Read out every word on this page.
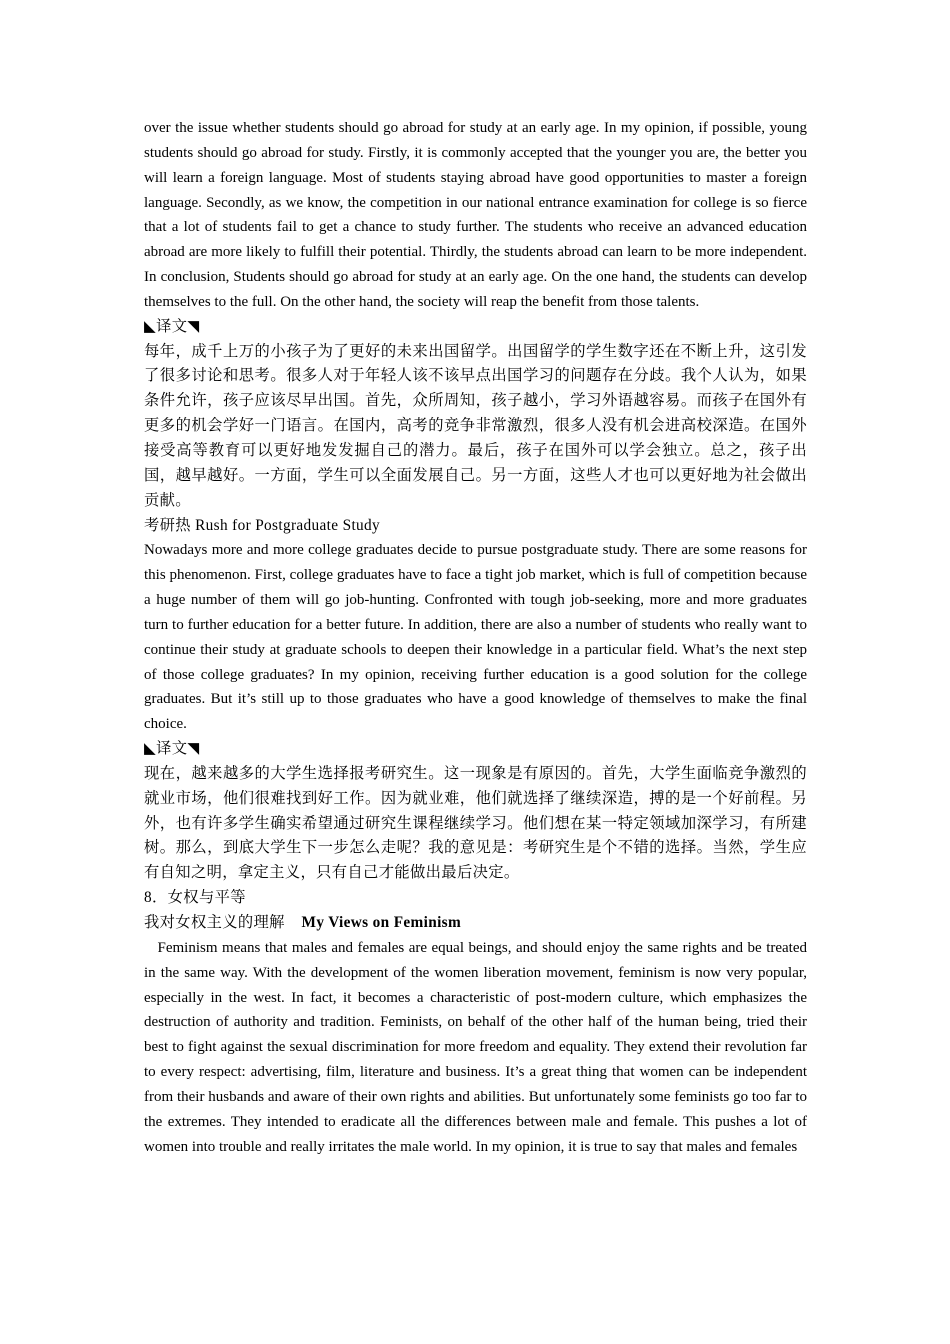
over the issue whether students should go abroad for study at an early age. In my opinion, if possible, young students should go abroad for study. Firstly, it is commonly accepted that the younger you are, the better you will learn a foreign language. Most of students staying abroad have good opportunities to master a foreign language. Secondly, as we know, the competition in our national entrance examination for college is so fierce that a lot of students fail to get a chance to study further. The students who receive an advanced education abroad are more likely to fulfill their potential. Thirdly, the students abroad can learn to be more independent. In conclusion, Students should go abroad for study at an early age. On the one hand, the students can develop themselves to the full. On the other hand, the society will reap the benefit from those talents.

◣译文◥

每年，成千上万的小孩子为了更好的未来出国留学。出国留学的学生数字还在不断上升，这引发了很多讨论和思考。很多人对于年轻人该不该早点出国学习的问题存在分歧。我个人认为，如果条件允许，孩子应该尽早出国。首先，众所周知，孩子越小，学习外语越容易。而孩子在国外有更多的机会学好一门语言。在国内，高考的竞争非常激烈，很多人没有机会进高校深造。在国外接受高等教育可以更好地发发掘自己的潜力。最后，孩子在国外可以学会独立。总之，孩子出国，越早越好。一方面，学生可以全面发展自己。另一方面，这些人才也可以更好地为社会做出贡献。

考研热 Rush for Postgraduate Study

Nowadays more and more college graduates decide to pursue postgraduate study. There are some reasons for this phenomenon. First, college graduates have to face a tight job market, which is full of competition because a huge number of them will go job-hunting. Confronted with tough job-seeking, more and more graduates turn to further education for a better future. In addition, there are also a number of students who really want to continue their study at graduate schools to deepen their knowledge in a particular field. What’s the next step of those college graduates? In my opinion, receiving further education is a good solution for the college graduates. But it’s still up to those graduates who have a good knowledge of themselves to make the final choice.

◣译文◥

现在，越来越多的大学生选择报考研究生。这一现象是有原因的。首先，大学生面临竞争激烈的就业市场，他们很难找到好工作。因为就业难，他们就选择了继续深造，搏的是一个好前程。另外，也有许多学生确实希望通过研究生课程继续学习。他们想在某一特定领域加深学习，有所建树。那么，到底大学生下一步怎么走呢？我的意见是：考研究生是个不错的选择。当然，学生应有自知之明，拿定主义，只有自己才能做出最后决定。

8．女权与平等

我对女权主义的理解 My Views on Feminism

Feminism means that males and females are equal beings, and should enjoy the same rights and be treated in the same way. With the development of the women liberation movement, feminism is now very popular, especially in the west. In fact, it becomes a characteristic of post-modern culture, which emphasizes the destruction of authority and tradition. Feminists, on behalf of the other half of the human being, tried their best to fight against the sexual discrimination for more freedom and equality. They extend their revolution far to every respect: advertising, film, literature and business. It’s a great thing that women can be independent from their husbands and aware of their own rights and abilities. But unfortunately some feminists go too far to the extremes. They intended to eradicate all the differences between male and female. This pushes a lot of women into trouble and really irritates the male world. In my opinion, it is true to say that males and females
